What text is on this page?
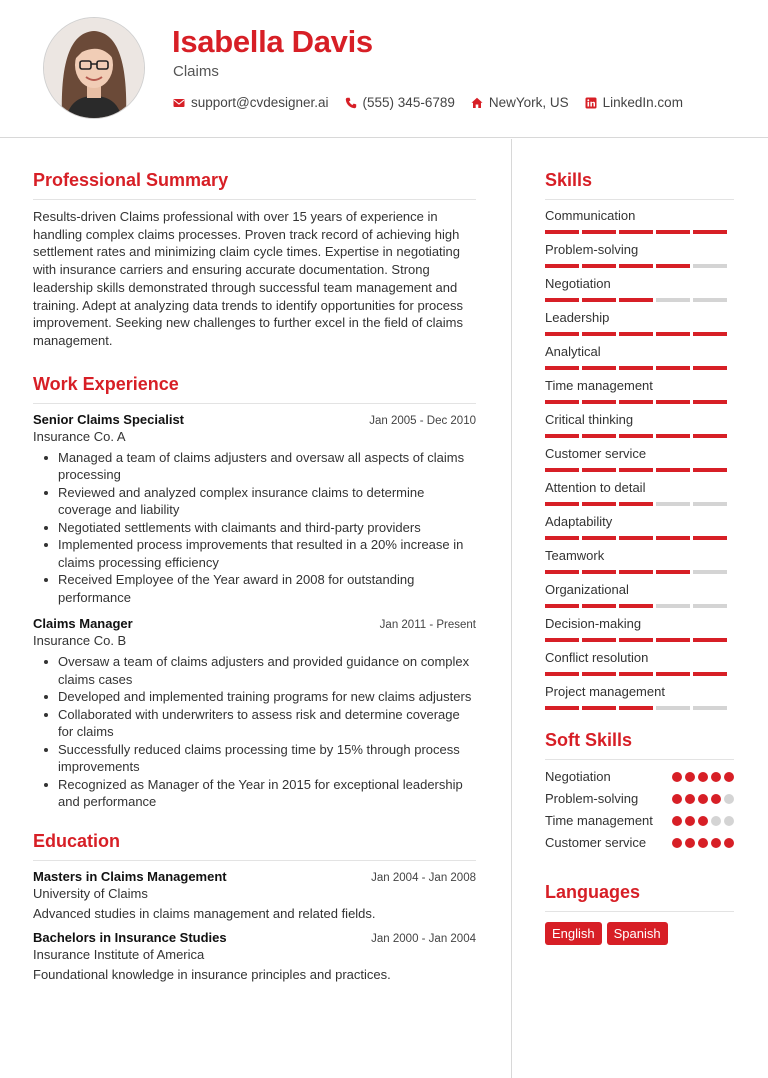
Isabella Davis
Claims
support@cvdesigner.ai	(555) 345-6789	NewYork, US	LinkedIn.com
Professional Summary
Results-driven Claims professional with over 15 years of experience in handling complex claims processes. Proven track record of achieving high settlement rates and minimizing claim cycle times. Expertise in negotiating with insurance carriers and ensuring accurate documentation. Strong leadership skills demonstrated through successful team management and training. Adept at analyzing data trends to identify opportunities for process improvement. Seeking new challenges to further excel in the field of claims management.
Work Experience
Senior Claims Specialist	Jan 2005 - Dec 2010
Insurance Co. A
Managed a team of claims adjusters and oversaw all aspects of claims processing
Reviewed and analyzed complex insurance claims to determine coverage and liability
Negotiated settlements with claimants and third-party providers
Implemented process improvements that resulted in a 20% increase in claims processing efficiency
Received Employee of the Year award in 2008 for outstanding performance
Claims Manager	Jan 2011 - Present
Insurance Co. B
Oversaw a team of claims adjusters and provided guidance on complex claims cases
Developed and implemented training programs for new claims adjusters
Collaborated with underwriters to assess risk and determine coverage for claims
Successfully reduced claims processing time by 15% through process improvements
Recognized as Manager of the Year in 2015 for exceptional leadership and performance
Education
Masters in Claims Management	Jan 2004 - Jan 2008
University of Claims
Advanced studies in claims management and related fields.
Bachelors in Insurance Studies	Jan 2000 - Jan 2004
Insurance Institute of America
Foundational knowledge in insurance principles and practices.
Skills
Communication
Problem-solving
Negotiation
Leadership
Analytical
Time management
Critical thinking
Customer service
Attention to detail
Adaptability
Teamwork
Organizational
Decision-making
Conflict resolution
Project management
Soft Skills
Negotiation
Problem-solving
Time management
Customer service
Languages
English	Spanish
